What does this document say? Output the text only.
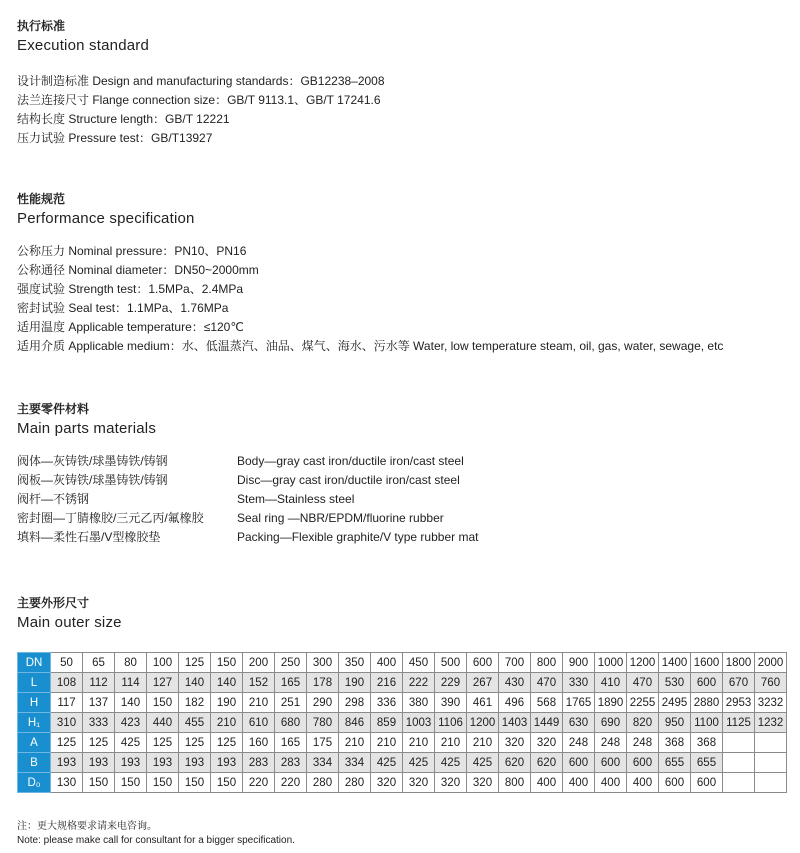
执行标准
Execution standard
设计制造标准 Design and manufacturing standards：GB12238–2008
法兰连接尺寸 Flange connection size：GB/T 9113.1、GB/T 17241.6
结构长度 Structure length：GB/T 12221
压力试验 Pressure test：GB/T13927
性能规范
Performance specification
公称压力 Nominal pressure：PN10、PN16
公称通径 Nominal diameter：DN50~2000mm
强度试验 Strength test：1.5MPa、2.4MPa
密封试验 Seal test：1.1MPa、1.76MPa
适用温度 Applicable temperature：≤120℃
适用介质 Applicable medium：水、低温蒸汽、油品、煤气、海水、污水等 Water, low temperature steam, oil, gas, water, sewage, etc
主要零件材料
Main parts materials
阀体—灰铸铁/球墨铸铁/铸钢	Body—gray cast iron/ductile iron/cast steel
阀板—灰铸铁/球墨铸铁/铸钢	Disc—gray cast iron/ductile iron/cast steel
阀杆—不锈钢	Stem—Stainless steel
密封圈—丁腈橡胶/三元乙丙/氟橡胶	Seal ring —NBR/EPDM/fluorine rubber
填料—柔性石墨/V型橡胶垫	Packing—Flexible graphite/V type rubber mat
主要外形尺寸
Main outer size
DN	50	65	80	100	125	150	200	250	300	350	400	450	500	600	700	800	900	1000	1200	1400	1600	1800	2000
L	108	112	114	127	140	140	152	165	178	190	216	222	229	267	430	470	330	410	470	530	600	670	760
H	117	137	140	150	182	190	210	251	290	298	336	380	390	461	496	568	1765	1890	2255	2495	2880	2953	3232
H₁	310	333	423	440	455	210	610	680	780	846	859	1003	1106	1200	1403	1449	630	690	820	950	1100	1125	1232
A	125	125	425	125	125	125	160	165	175	210	210	210	210	210	320	320	248	248	248	368	368		
B	193	193	193	193	193	193	283	283	334	334	425	425	425	425	620	620	600	600	600	655	655		
D₀	130	150	150	150	150	150	220	220	280	280	320	320	320	320	800	400	400	400	400	600	600		
注：更大规格要求请来电咨询。
Note: please make call for consultant for a bigger specification.
